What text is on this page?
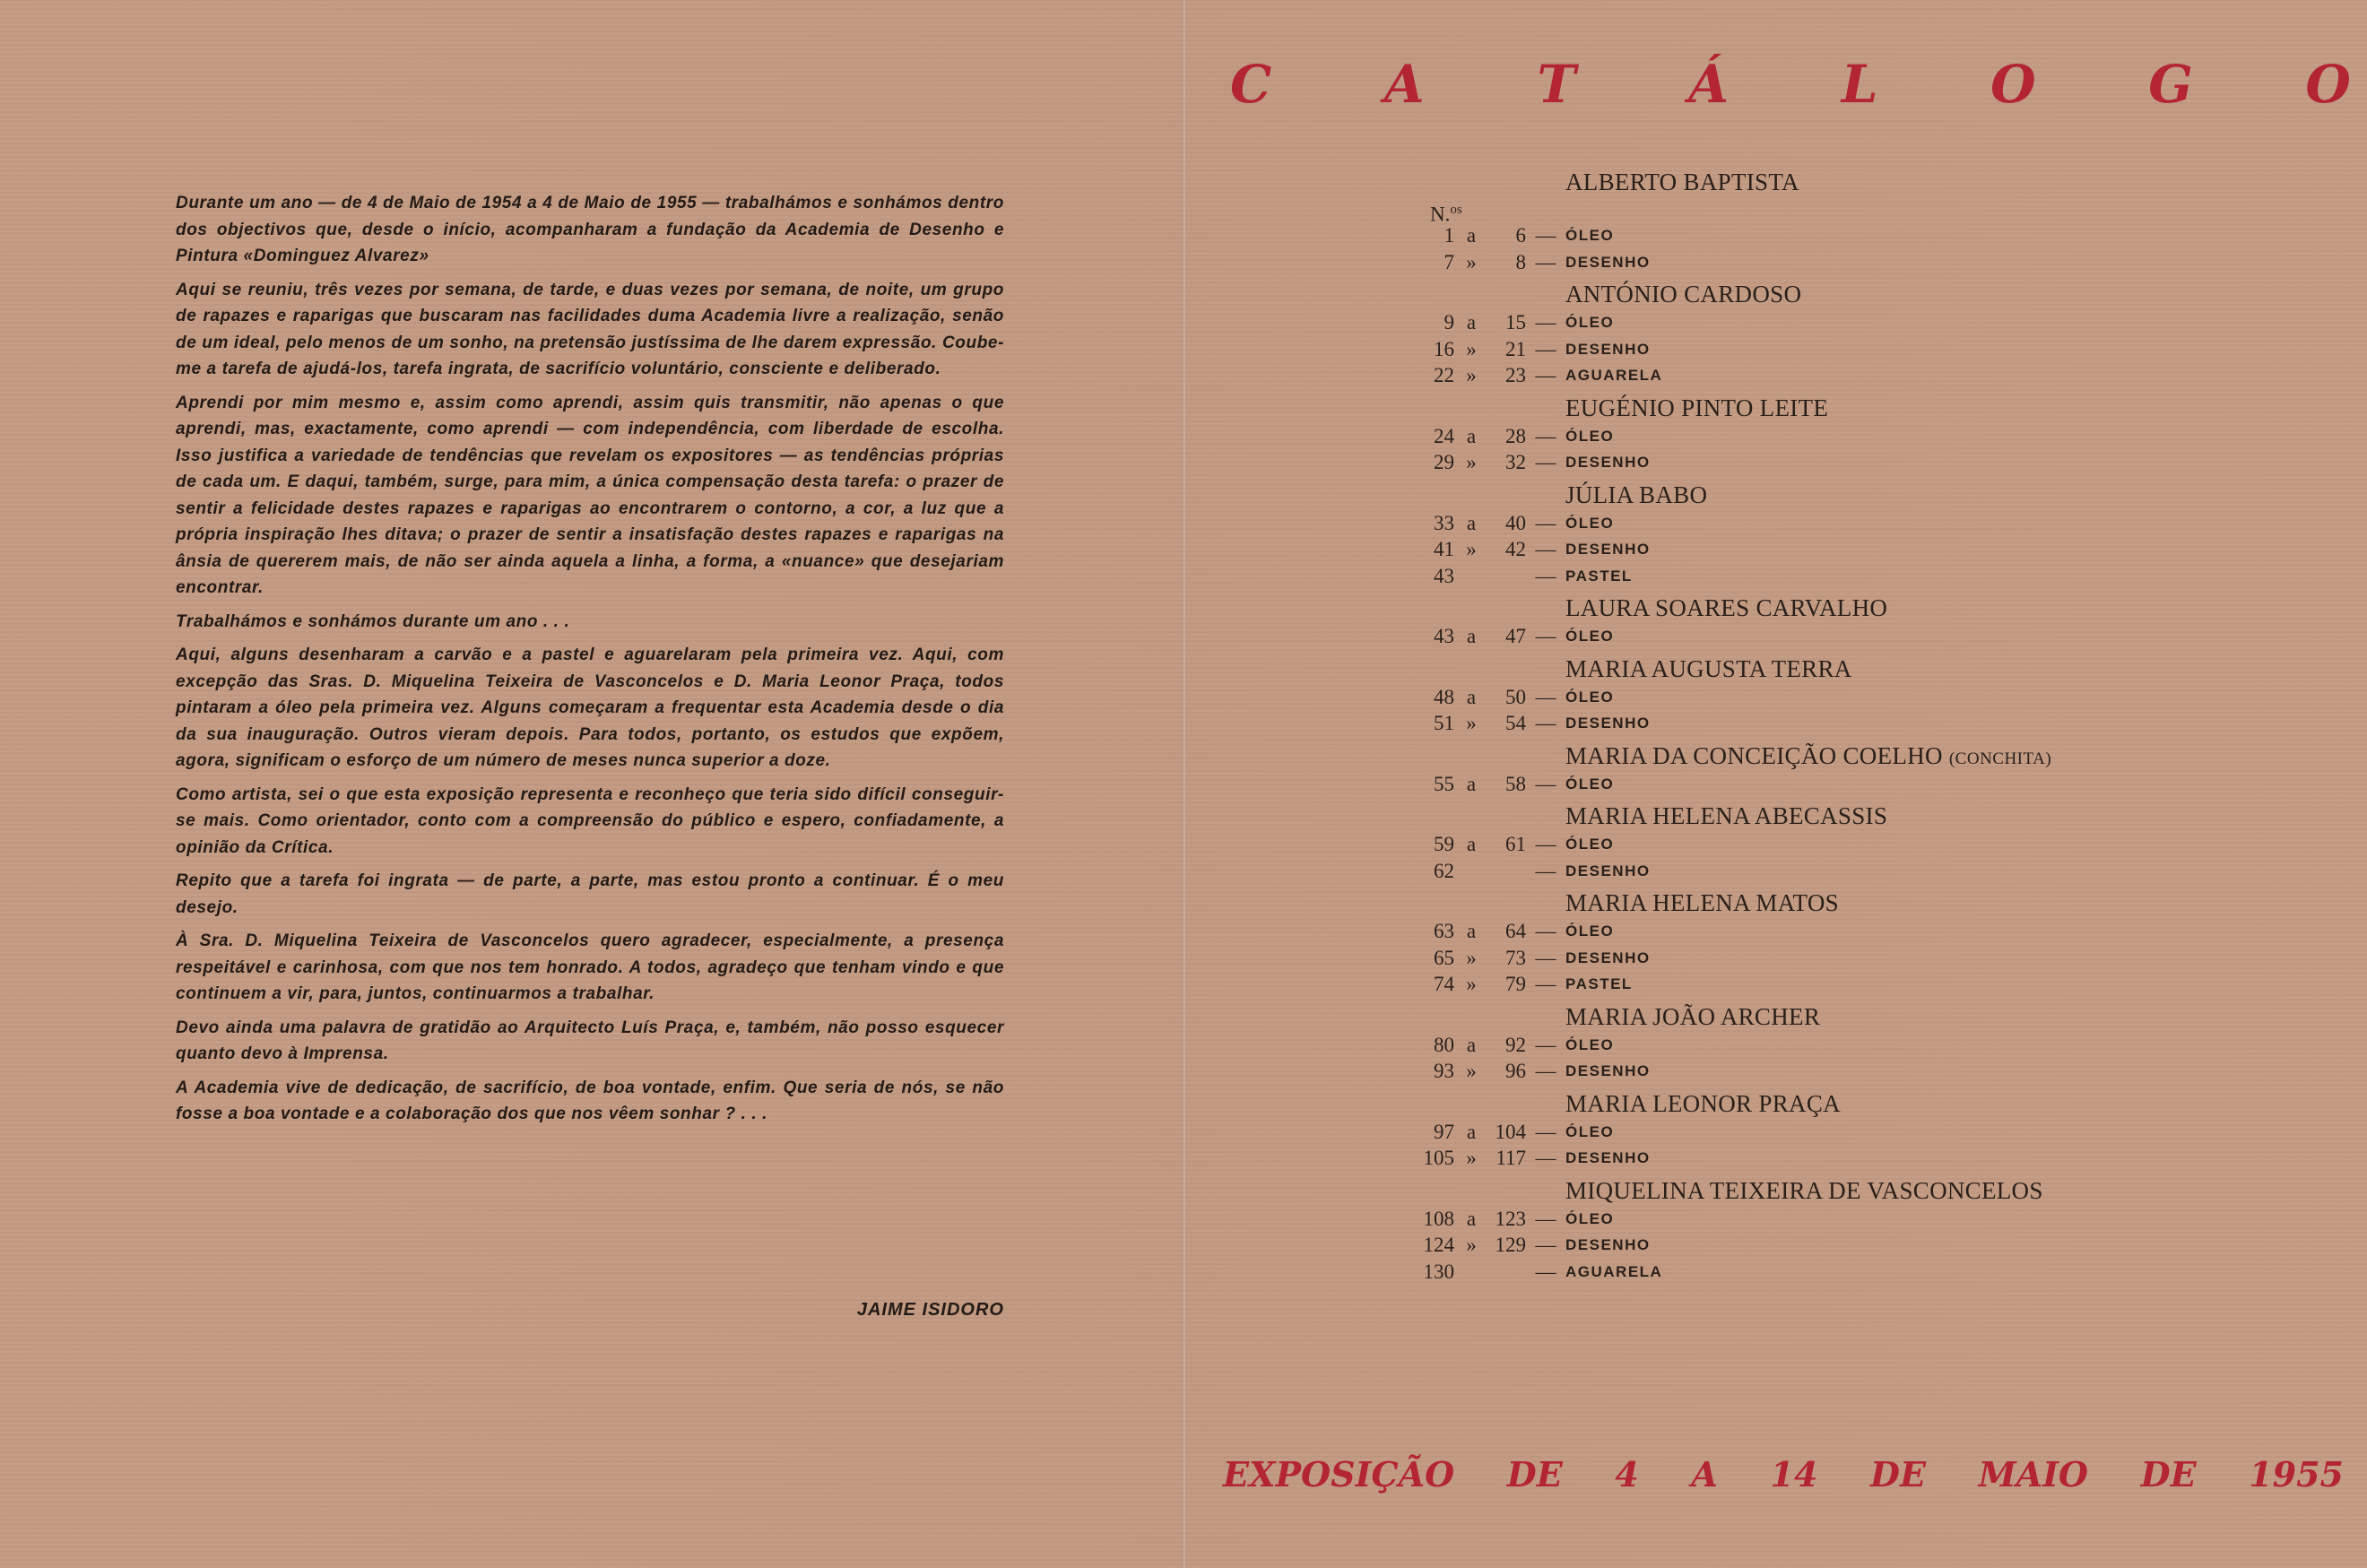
Durante um ano — de 4 de Maio de 1954 a 4 de Maio de 1955 — trabalhámos e sonhámos dentro dos objectivos que, desde o início, acompanharam a fundação da Academia de Desenho e Pintura «Dominguez Alvarez»

Aqui se reuniu, três vezes por semana, de tarde, e duas vezes por semana, de noite, um grupo de rapazes e raparigas que buscaram nas facilidades duma Academia livre a realização, senão de um ideal, pelo menos de um sonho, na pretensão justíssima de lhe darem expressão. Coube-me a tarefa de ajudá-los, tarefa ingrata, de sacrifício voluntário, consciente e deliberado.

Aprendi por mim mesmo e, assim como aprendi, assim quis transmitir, não apenas o que aprendi, mas, exactamente, como aprendi — com independência, com liberdade de escolha. Isso justifica a variedade de tendências que revelam os expositores — as tendências próprias de cada um. E daqui, também, surge, para mim, a única compensação desta tarefa: o prazer de sentir a felicidade destes rapazes e raparigas ao encontrarem o contorno, a cor, a luz que a própria inspiração lhes ditava; o prazer de sentir a insatisfação destes rapazes e raparigas na ânsia de quererem mais, de não ser ainda aquela a linha, a forma, a «nuance» que desejariam encontrar.

Trabalhámos e sonhámos durante um ano . . .

Aqui, alguns desenharam a carvão e a pastel e aguarelaram pela primeira vez. Aqui, com excepção das Sras. D. Miquelina Teixeira de Vasconcelos e D. Maria Leonor Praça, todos pintaram a óleo pela primeira vez. Alguns começaram a frequentar esta Academia desde o dia da sua inauguração. Outros vieram depois. Para todos, portanto, os estudos que expõem, agora, significam o esforço de um número de meses nunca superior a doze.

Como artista, sei o que esta exposição representa e reconheço que teria sido difícil conseguir-se mais. Como orientador, conto com a compreensão do público e espero, confiadamente, a opinião da Crítica.

Repito que a tarefa foi ingrata — de parte, a parte, mas estou pronto a continuar. É o meu desejo.

À Sra. D. Miquelina Teixeira de Vasconcelos quero agradecer, especialmente, a presença respeitável e carinhosa, com que nos tem honrado. A todos, agradeço que tenham vindo e que continuem a vir, para, juntos, continuarmos a trabalhar.

Devo ainda uma palavra de gratidão ao Arquitecto Luís Praça, e, também, não posso esquecer quanto devo à Imprensa.

A Academia vive de dedicação, de sacrifício, de boa vontade, enfim. Que seria de nós, se não fosse a boa vontade e a colaboração dos que nos vêem sonhar ? . . .

JAIME ISIDORO
C A T Á L O G O
ALBERTO BAPTISTA
N.$^{os}$
1 a	6 — ÓLEO
7 »	8 — DESENHO
ANTÓNIO CARDOSO
9 a	15 — ÓLEO
16 »	21 — DESENHO
22 »	23 — AGUARELA
EUGÉNIO PINTO LEITE
24 a	28 — ÓLEO
29 »	32 — DESENHO
JÚLIA BABO
33 a	40 — ÓLEO
41 »	42 — DESENHO
43	— PASTEL
LAURA SOARES CARVALHO
43 a	47 — ÓLEO
MARIA AUGUSTA TERRA
48 a	50 — ÓLEO
51 »	54 — DESENHO
MARIA DA CONCEIÇÃO COELHO (CONCHITA)
55 a	58 — ÓLEO
MARIA HELENA ABECASSIS
59 a	61 — ÓLEO
62	— DESENHO
MARIA HELENA MATOS
63 a	64 — ÓLEO
65 »	73 — DESENHO
74 »	79 — PASTEL
MARIA JOÃO ARCHER
80 a	92 — ÓLEO
93 »	96 — DESENHO
MARIA LEONOR PRAÇA
97 a 104 — ÓLEO
105 » 117 — DESENHO
MIQUELINA TEIXEIRA DE VASCONCELOS
108 a 123 — ÓLEO
124 » 129 — DESENHO
130	— AGUARELA
EXPOSIÇÃO DE 4 A 14 DE MAIO DE 1955
